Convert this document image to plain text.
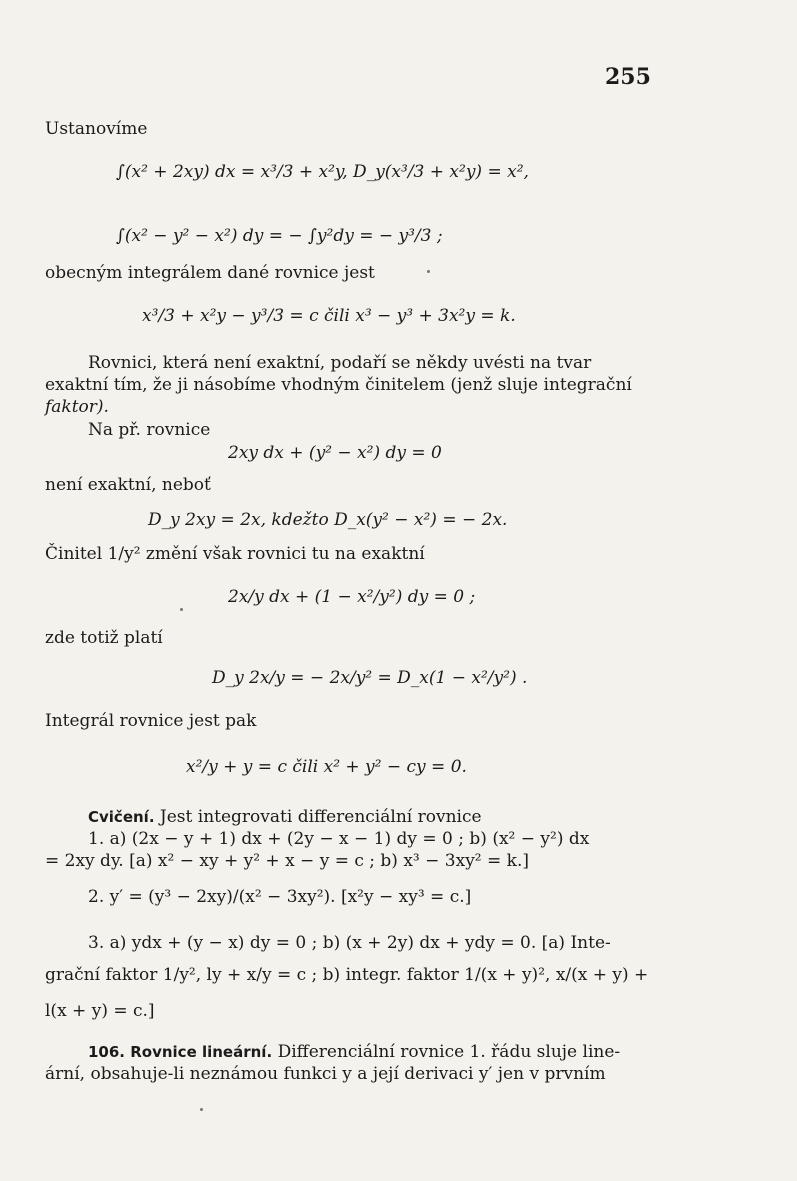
255
Ustanovíme
∫(x² + 2xy) dx = x³/3 + x²y, D_y(x³/3 + x²y) = x²,
∫(x² − y² − x²) dy = − ∫y²dy = − y³/3 ;
obecným integrálem dané rovnice jest
x³/3 + x²y − y³/3 = c čili x³ − y³ + 3x²y = k.
Rovnici, která není exaktní, podaří se někdy uvésti na tvar
exaktní tím, že ji násobíme vhodným činitelem (jenž sluje integrační
faktor).
Na př. rovnice
2xy dx + (y² − x²) dy = 0
není exaktní, neboť
D_y 2xy = 2x, kdežto D_x(y² − x²) = − 2x.
Činitel 1/y² změní však rovnici tu na exaktní
2x/y dx + (1 − x²/y²) dy = 0 ;
zde totiž platí
D_y 2x/y = − 2x/y² = D_x(1 − x²/y²) .
Integrál rovnice jest pak
x²/y + y = c čili x² + y² − cy = 0.
Cvičení. Jest integrovati differenciální rovnice
1. a) (2x − y + 1) dx + (2y − x − 1) dy = 0 ; b) (x² − y²) dx
= 2xy dy. [a) x² − xy + y² + x − y = c ; b) x³ − 3xy² = k.]
2. y′ = (y³ − 2xy)/(x² − 3xy²). [x²y − xy³ = c.]
3. a) ydx + (y − x) dy = 0 ; b) (x + 2y) dx + ydy = 0. [a) Inte-
grační faktor 1/y², ly + x/y = c ; b) integr. faktor 1/(x + y)², x/(x + y) +
l(x + y) = c.]
106. Rovnice lineární. Differenciální rovnice 1. řádu sluje line-
ární, obsahuje-li neznámou funkci y a její derivaci y′ jen v prvním
